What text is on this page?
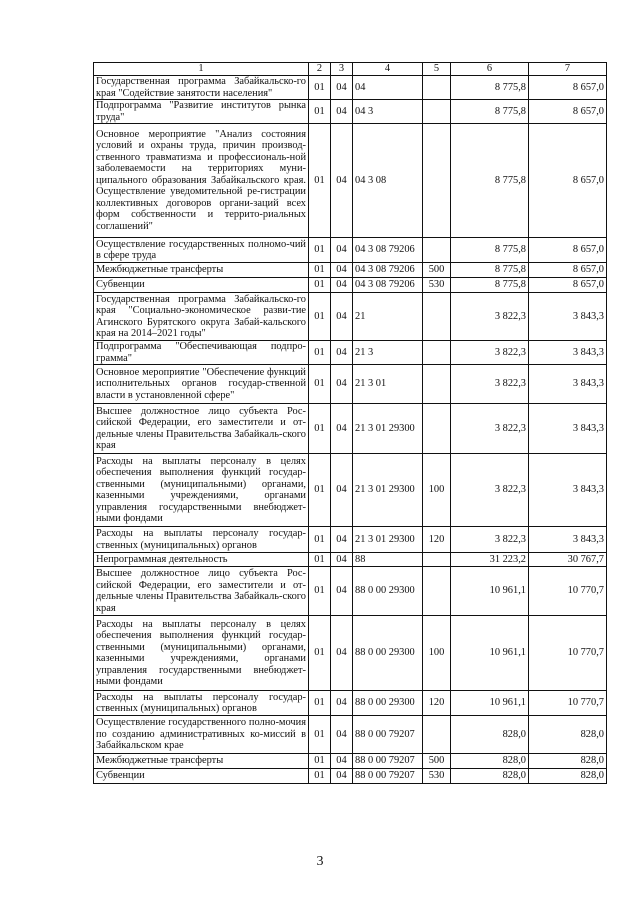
1	2	3	4	5	6	7
Государственная программа Забайкальско-го края "Содействие занятости населения"	01	04	04		8 775,8	8 657,0
Подпрограмма "Развитие институтов рынка труда"	01	04	04 3		8 775,8	8 657,0
Основное мероприятие "Анализ состояния условий и охраны труда, причин производ-ственного травматизма и профессиональ-ной заболеваемости на территориях муни-ципального образования Забайкальского края. Осуществление уведомительной ре-гистрации коллективных договоров органи-заций всех форм собственности и террито-риальных соглашений"	01	04	04 3 08		8 775,8	8 657,0
Осуществление государственных полномо-чий в сфере труда	01	04	04 3 08 79206		8 775,8	8 657,0
Межбюджетные трансферты	01	04	04 3 08 79206	500	8 775,8	8 657,0
Субвенции	01	04	04 3 08 79206	530	8 775,8	8 657,0
Государственная программа Забайкальско-го края "Социально-экономическое разви-тие Агинского Бурятского округа Забай-кальского края на 2014–2021 годы"	01	04	21		3 822,3	3 843,3
Подпрограмма "Обеспечивающая подпро-грамма"	01	04	21 3		3 822,3	3 843,3
Основное мероприятие "Обеспечение функций исполнительных органов государ-ственной власти в установленной сфере"	01	04	21 3 01		3 822,3	3 843,3
Высшее должностное лицо субъекта Рос-сийской Федерации, его заместители и от-дельные члены Правительства Забайкаль-ского края	01	04	21 3 01 29300		3 822,3	3 843,3
Расходы на выплаты персоналу в целях обеспечения выполнения функций государ-ственными (муниципальными) органами, казенными учреждениями, органами управления государственными внебюджет-ными фондами	01	04	21 3 01 29300	100	3 822,3	3 843,3
Расходы на выплаты персоналу государ-ственных (муниципальных) органов	01	04	21 3 01 29300	120	3 822,3	3 843,3
Непрограммная деятельность	01	04	88		31 223,2	30 767,7
Высшее должностное лицо субъекта Рос-сийской Федерации, его заместители и от-дельные члены Правительства Забайкаль-ского края	01	04	88 0 00 29300		10 961,1	10 770,7
Расходы на выплаты персоналу в целях обеспечения выполнения функций государ-ственными (муниципальными) органами, казенными учреждениями, органами управления государственными внебюджет-ными фондами	01	04	88 0 00 29300	100	10 961,1	10 770,7
Расходы на выплаты персоналу государ-ственных (муниципальных) органов	01	04	88 0 00 29300	120	10 961,1	10 770,7
Осуществление государственного полно-мочия по созданию административных ко-миссий в Забайкальском крае	01	04	88 0 00 79207		828,0	828,0
Межбюджетные трансферты	01	04	88 0 00 79207	500	828,0	828,0
Субвенции	01	04	88 0 00 79207	530	828,0	828,0
3
